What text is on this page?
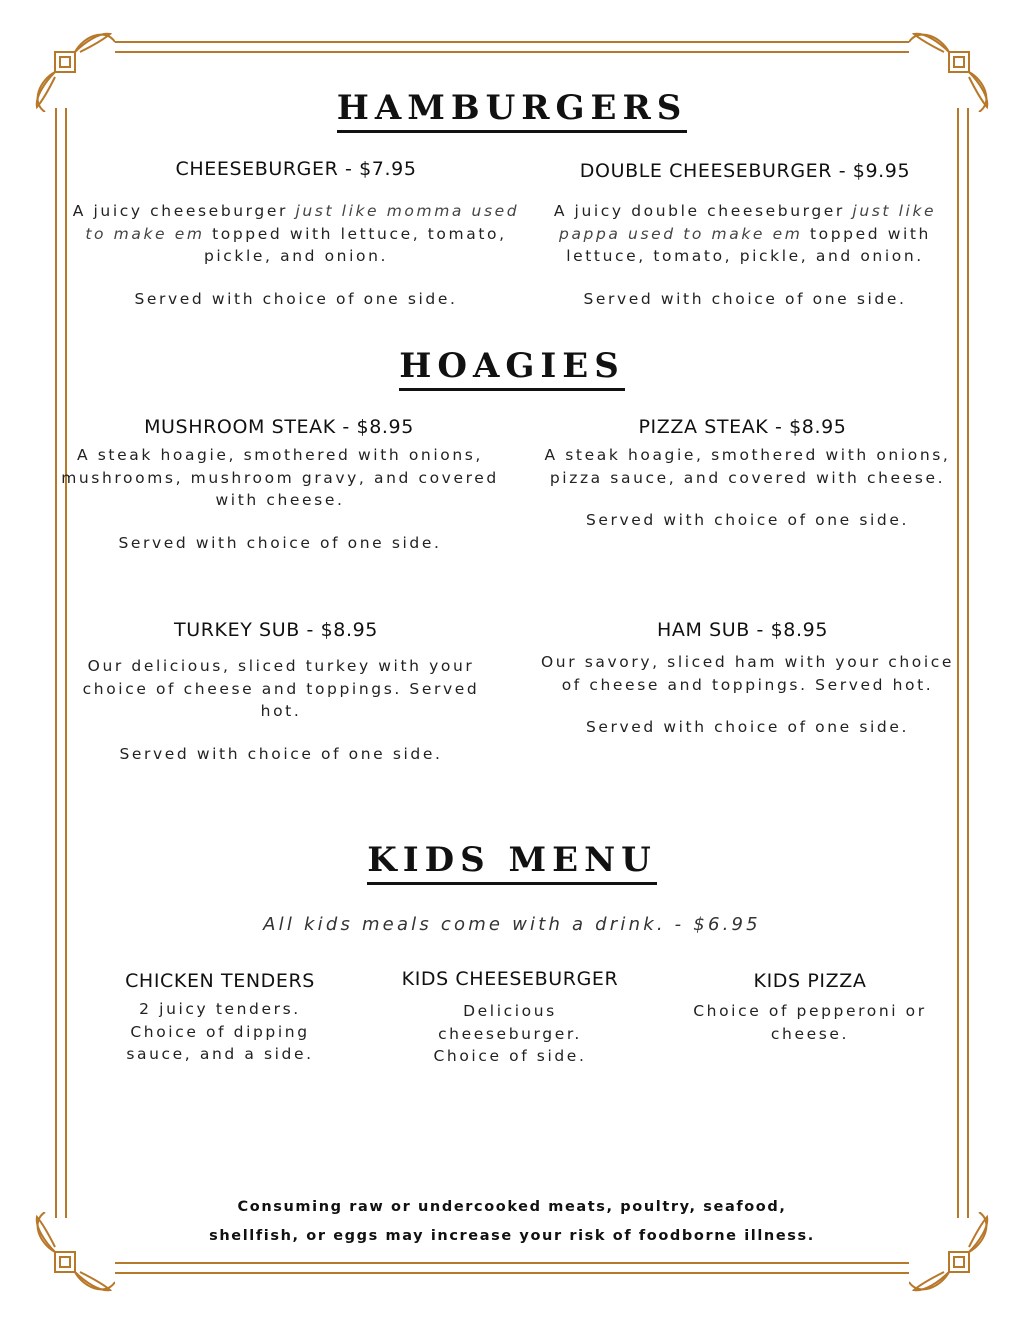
HAMBURGERS
CHEESEBURGER - $7.95
A juicy cheeseburger just like momma used to make em topped with lettuce, tomato, pickle, and onion.
Served with choice of one side.
DOUBLE CHEESEBURGER - $9.95
A juicy double cheeseburger just like pappa used to make em topped with lettuce, tomato, pickle, and onion.
Served with choice of one side.
HOAGIES
MUSHROOM STEAK - $8.95
A steak hoagie, smothered with onions, mushrooms, mushroom gravy, and covered with cheese.
Served with choice of one side.
PIZZA STEAK - $8.95
A steak hoagie, smothered with onions, pizza sauce, and covered with cheese.
Served with choice of one side.
TURKEY SUB - $8.95
Our delicious, sliced turkey with your choice of cheese and toppings. Served hot.
Served with choice of one side.
HAM SUB - $8.95
Our savory, sliced ham with your choice of cheese and toppings. Served hot.
Served with choice of one side.
KIDS MENU
All kids meals come with a drink. - $6.95
CHICKEN TENDERS
2 juicy tenders. Choice of dipping sauce, and a side.
KIDS CHEESEBURGER
Delicious cheeseburger. Choice of side.
KIDS PIZZA
Choice of pepperoni or cheese.
Consuming raw or undercooked meats, poultry, seafood,
shellfish, or eggs may increase your risk of foodborne illness.
